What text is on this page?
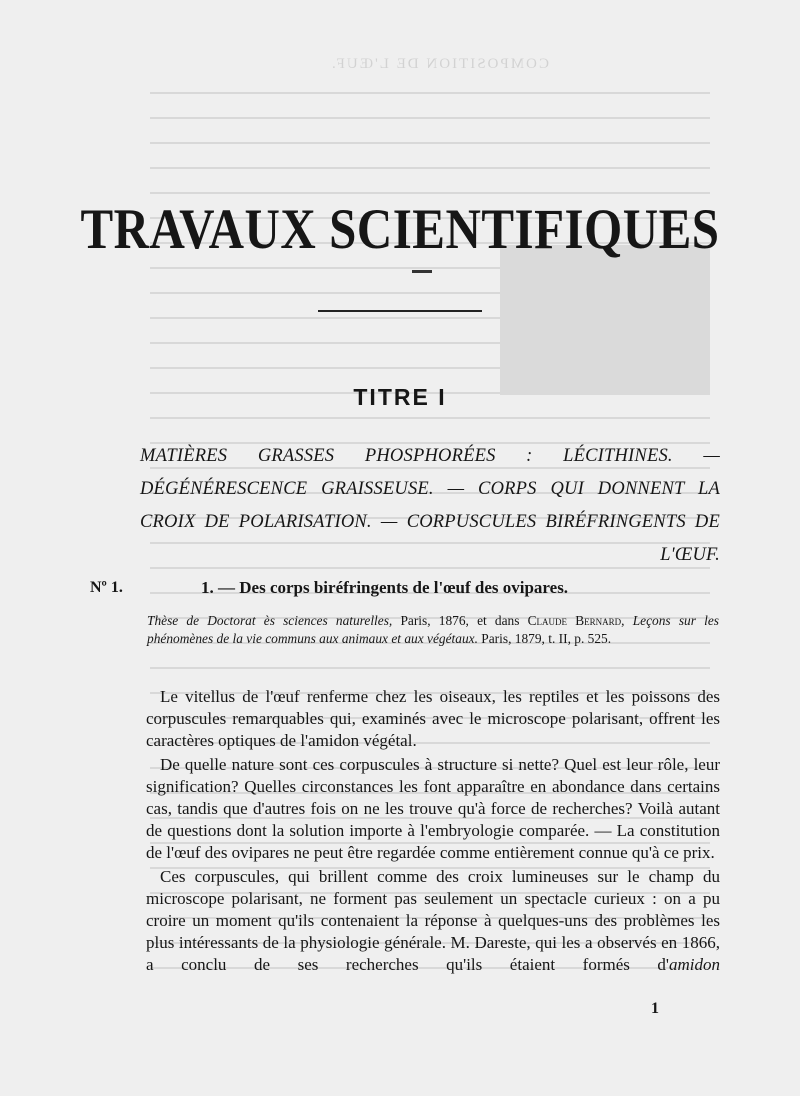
COMPOSITION DE L'ŒUF.
TRAVAUX SCIENTIFIQUES
TITRE I
MATIÈRES GRASSES PHOSPHORÉES : LÉCITHINES. — DÉGÉNÉRESCENCE GRAISSEUSE. — CORPS QUI DONNENT LA CROIX DE POLARISATION. — CORPUSCULES BIRÉFRINGENTS DE L'ŒUF.
Nº 1.	1. — Des corps biréfringents de l'œuf des ovipares.
Thèse de Doctorat ès sciences naturelles, Paris, 1876, et dans Claude Bernard, Leçons sur les phénomènes de la vie communs aux animaux et aux végétaux. Paris, 1879, t. II, p. 525.

Le vitellus de l'œuf renferme chez les oiseaux, les reptiles et les poissons des corpuscules remarquables qui, examinés avec le microscope polarisant, offrent les caractères optiques de l'amidon végétal.

De quelle nature sont ces corpuscules à structure si nette? Quel est leur rôle, leur signification? Quelles circonstances les font apparaître en abondance dans certains cas, tandis que d'autres fois on ne les trouve qu'à force de recherches? Voilà autant de questions dont la solution importe à l'embryologie comparée. — La constitution de l'œuf des ovipares ne peut être regardée comme entièrement connue qu'à ce prix.

Ces corpuscules, qui brillent comme des croix lumineuses sur le champ du microscope polarisant, ne forment pas seulement un spectacle curieux : on a pu croire un moment qu'ils contenaient la réponse à quelques-uns des problèmes les plus intéressants de la physiologie générale. M. Dareste, qui les a observés en 1866, a conclu de ses recherches qu'ils étaient formés d'amidon

1
